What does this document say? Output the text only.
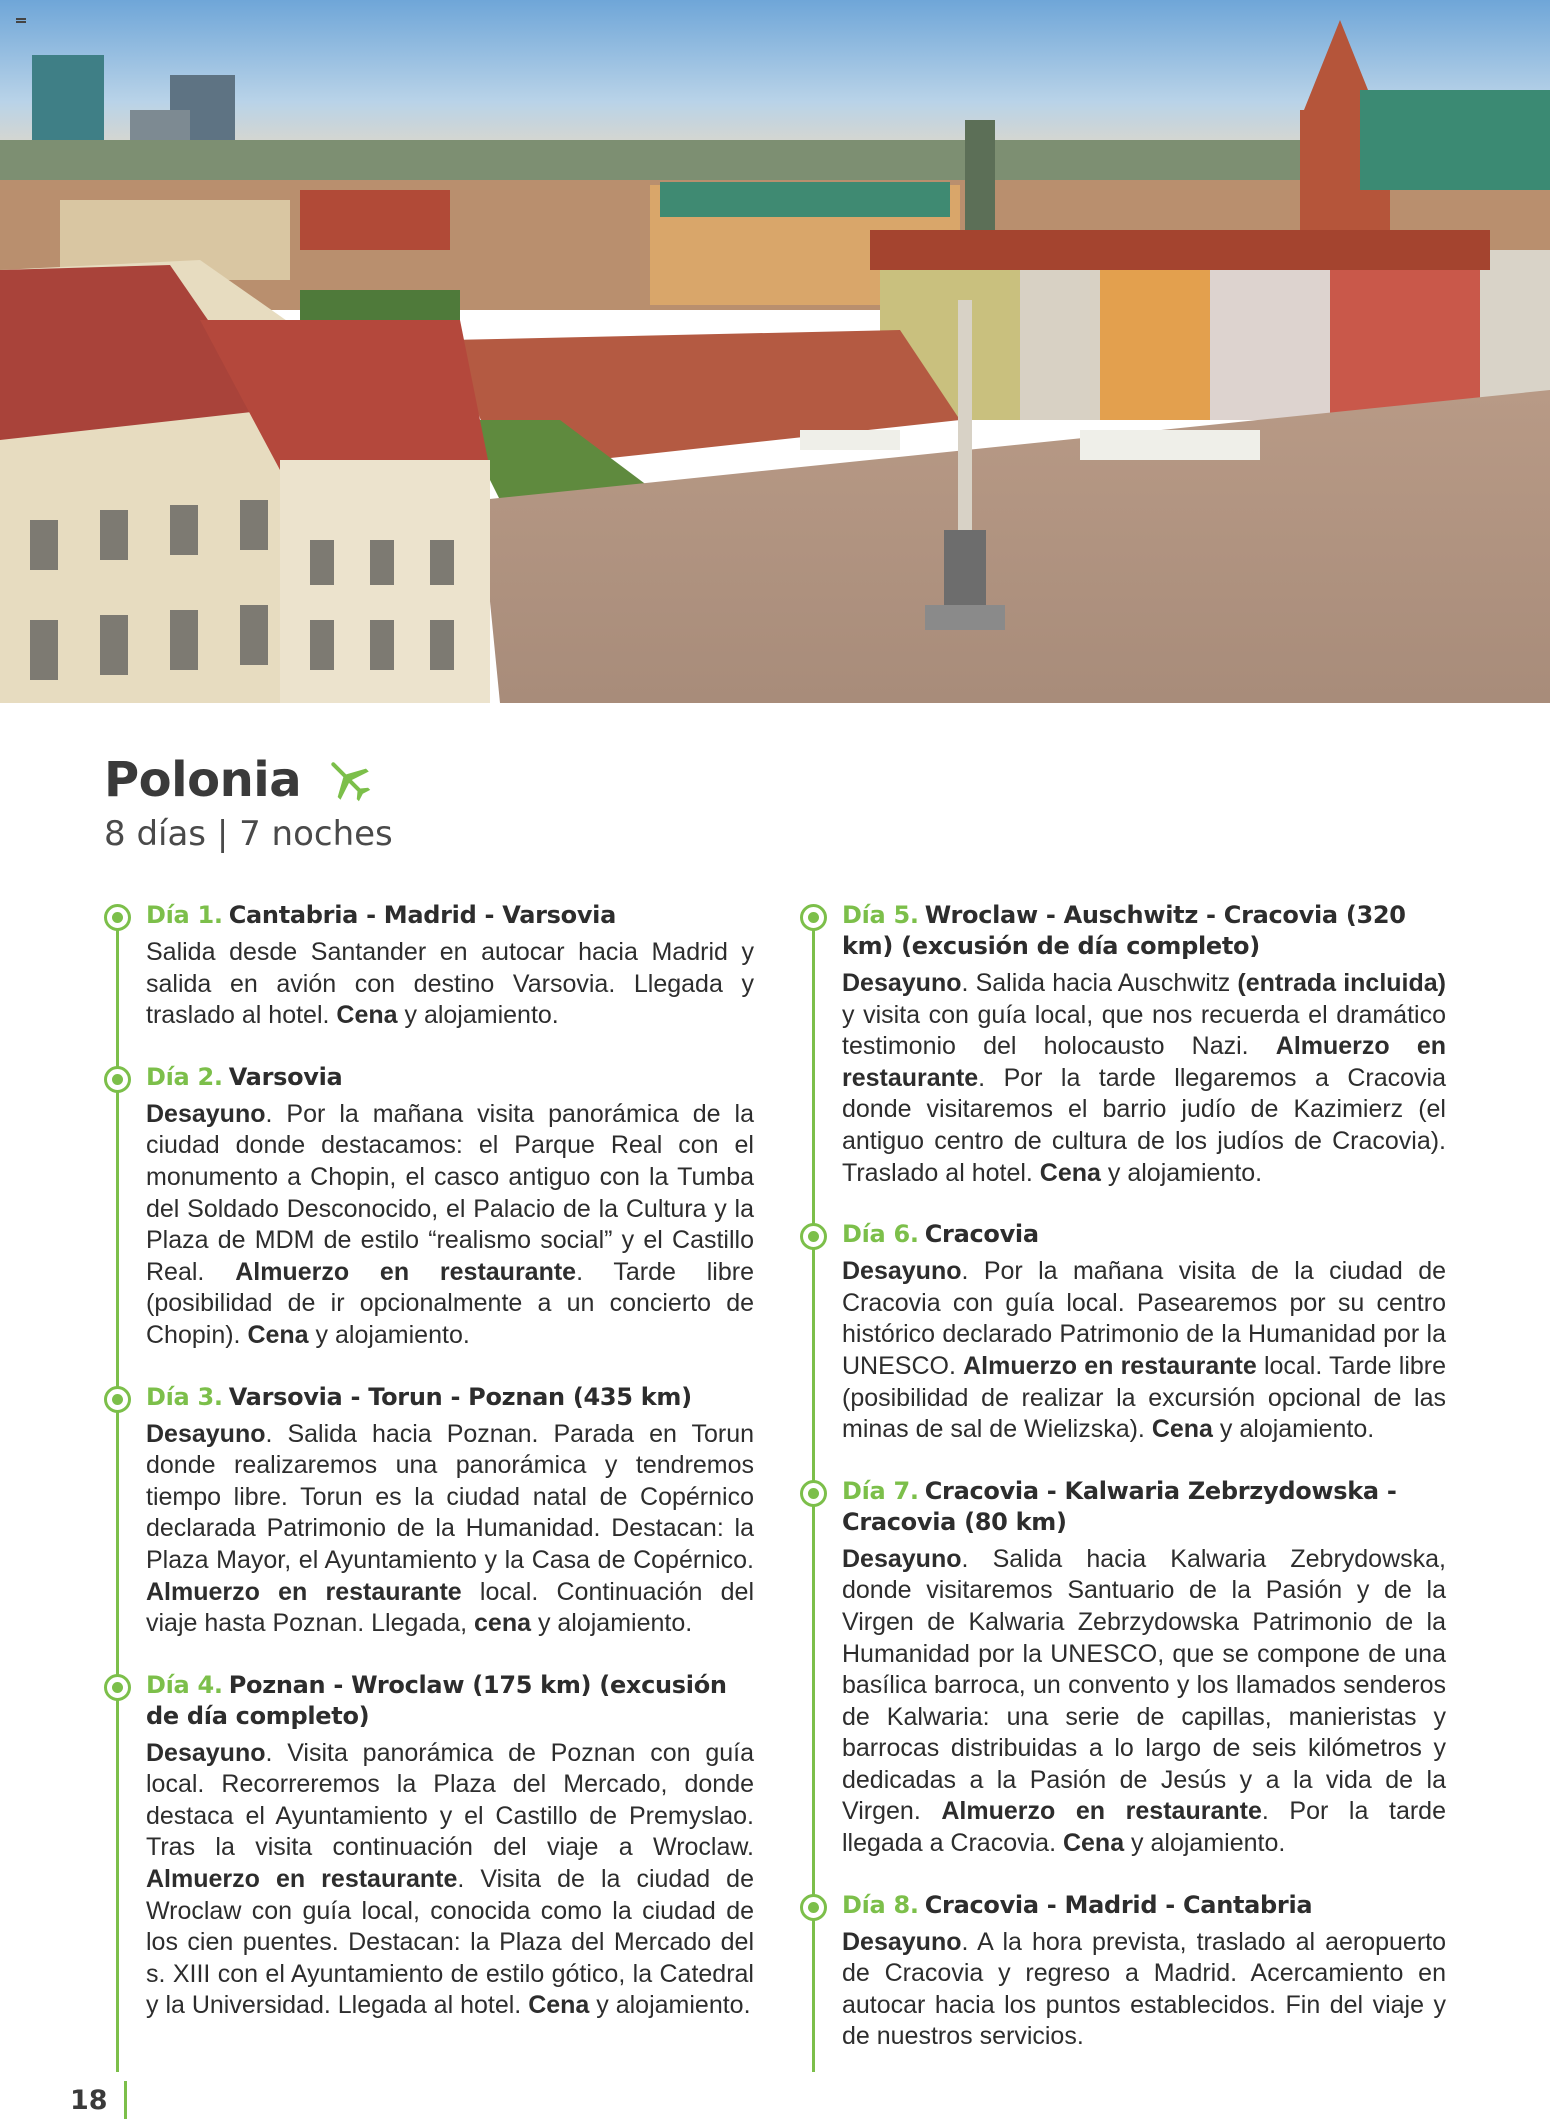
Polonia
8 días | 7 noches
Día 1. Cantabria - Madrid - Varsovia

Salida desde Santander en autocar hacia Madrid y salida en avión con destino Varsovia. Llegada y traslado al hotel. Cena y alojamiento.

Día 2. Varsovia

Desayuno. Por la mañana visita panorámica de la ciudad donde destacamos: el Parque Real con el monumento a Chopin, el casco antiguo con la Tumba del Soldado Desconocido, el Palacio de la Cultura y la Plaza de MDM de estilo “realismo social” y el Castillo Real. Almuerzo en restaurante. Tarde libre (posibilidad de ir opcionalmente a un concierto de Chopin). Cena y alojamiento.

Día 3. Varsovia - Torun - Poznan (435 km)

Desayuno. Salida hacia Poznan. Parada en Torun donde realizaremos una panorámica y tendremos tiempo libre. Torun es la ciudad natal de Copérnico declarada Patrimonio de la Humanidad. Destacan: la Plaza Mayor, el Ayuntamiento y la Casa de Copérnico. Almuerzo en restaurante local. Continuación del viaje hasta Poznan. Llegada, cena y alojamiento.

Día 4. Poznan - Wroclaw (175 km) (excusión de día completo)

Desayuno. Visita panorámica de Poznan con guía local. Recorreremos la Plaza del Mercado, donde destaca el Ayuntamiento y el Castillo de Premyslao. Tras la visita continuación del viaje a Wroclaw. Almuerzo en restaurante. Visita de la ciudad de Wroclaw con guía local, conocida como la ciudad de los cien puentes. Destacan: la Plaza del Mercado del s. XIII con el Ayuntamiento de estilo gótico, la Catedral y la Universidad. Llegada al hotel. Cena y alojamiento.

Día 5. Wroclaw - Auschwitz - Cracovia (320 km) (excusión de día completo)

Desayuno. Salida hacia Auschwitz (entrada incluida) y visita con guía local, que nos recuerda el dramático testimonio del holocausto Nazi. Almuerzo en restaurante. Por la tarde llegaremos a Cracovia donde visitaremos el barrio judío de Kazimierz (el antiguo centro de cultura de los judíos de Cracovia). Traslado al hotel. Cena y alojamiento.

Día 6. Cracovia

Desayuno. Por la mañana visita de la ciudad de Cracovia con guía local. Pasearemos por su centro histórico declarado Patrimonio de la Humanidad por la UNESCO. Almuerzo en restaurante local. Tarde libre (posibilidad de realizar la excursión opcional de las minas de sal de Wielizska). Cena y alojamiento.

Día 7. Cracovia - Kalwaria Zebrzydowska - Cracovia (80 km)

Desayuno. Salida hacia Kalwaria Zebrydowska, donde visitaremos Santuario de la Pasión y de la Virgen de Kalwaria Zebrzydowska Patrimonio de la Humanidad por la UNESCO, que se compone de una basílica barroca, un convento y los llamados senderos de Kalwaria: una serie de capillas, manieristas y barrocas distribuidas a lo largo de seis kilómetros y dedicadas a la Pasión de Jesús y a la vida de la Virgen. Almuerzo en restaurante. Por la tarde llegada a Cracovia. Cena y alojamiento.

Día 8. Cracovia - Madrid - Cantabria

Desayuno. A la hora prevista, traslado al aeropuerto de Cracovia y regreso a Madrid. Acercamiento en autocar hacia los puntos establecidos. Fin del viaje y de nuestros servicios.

18
